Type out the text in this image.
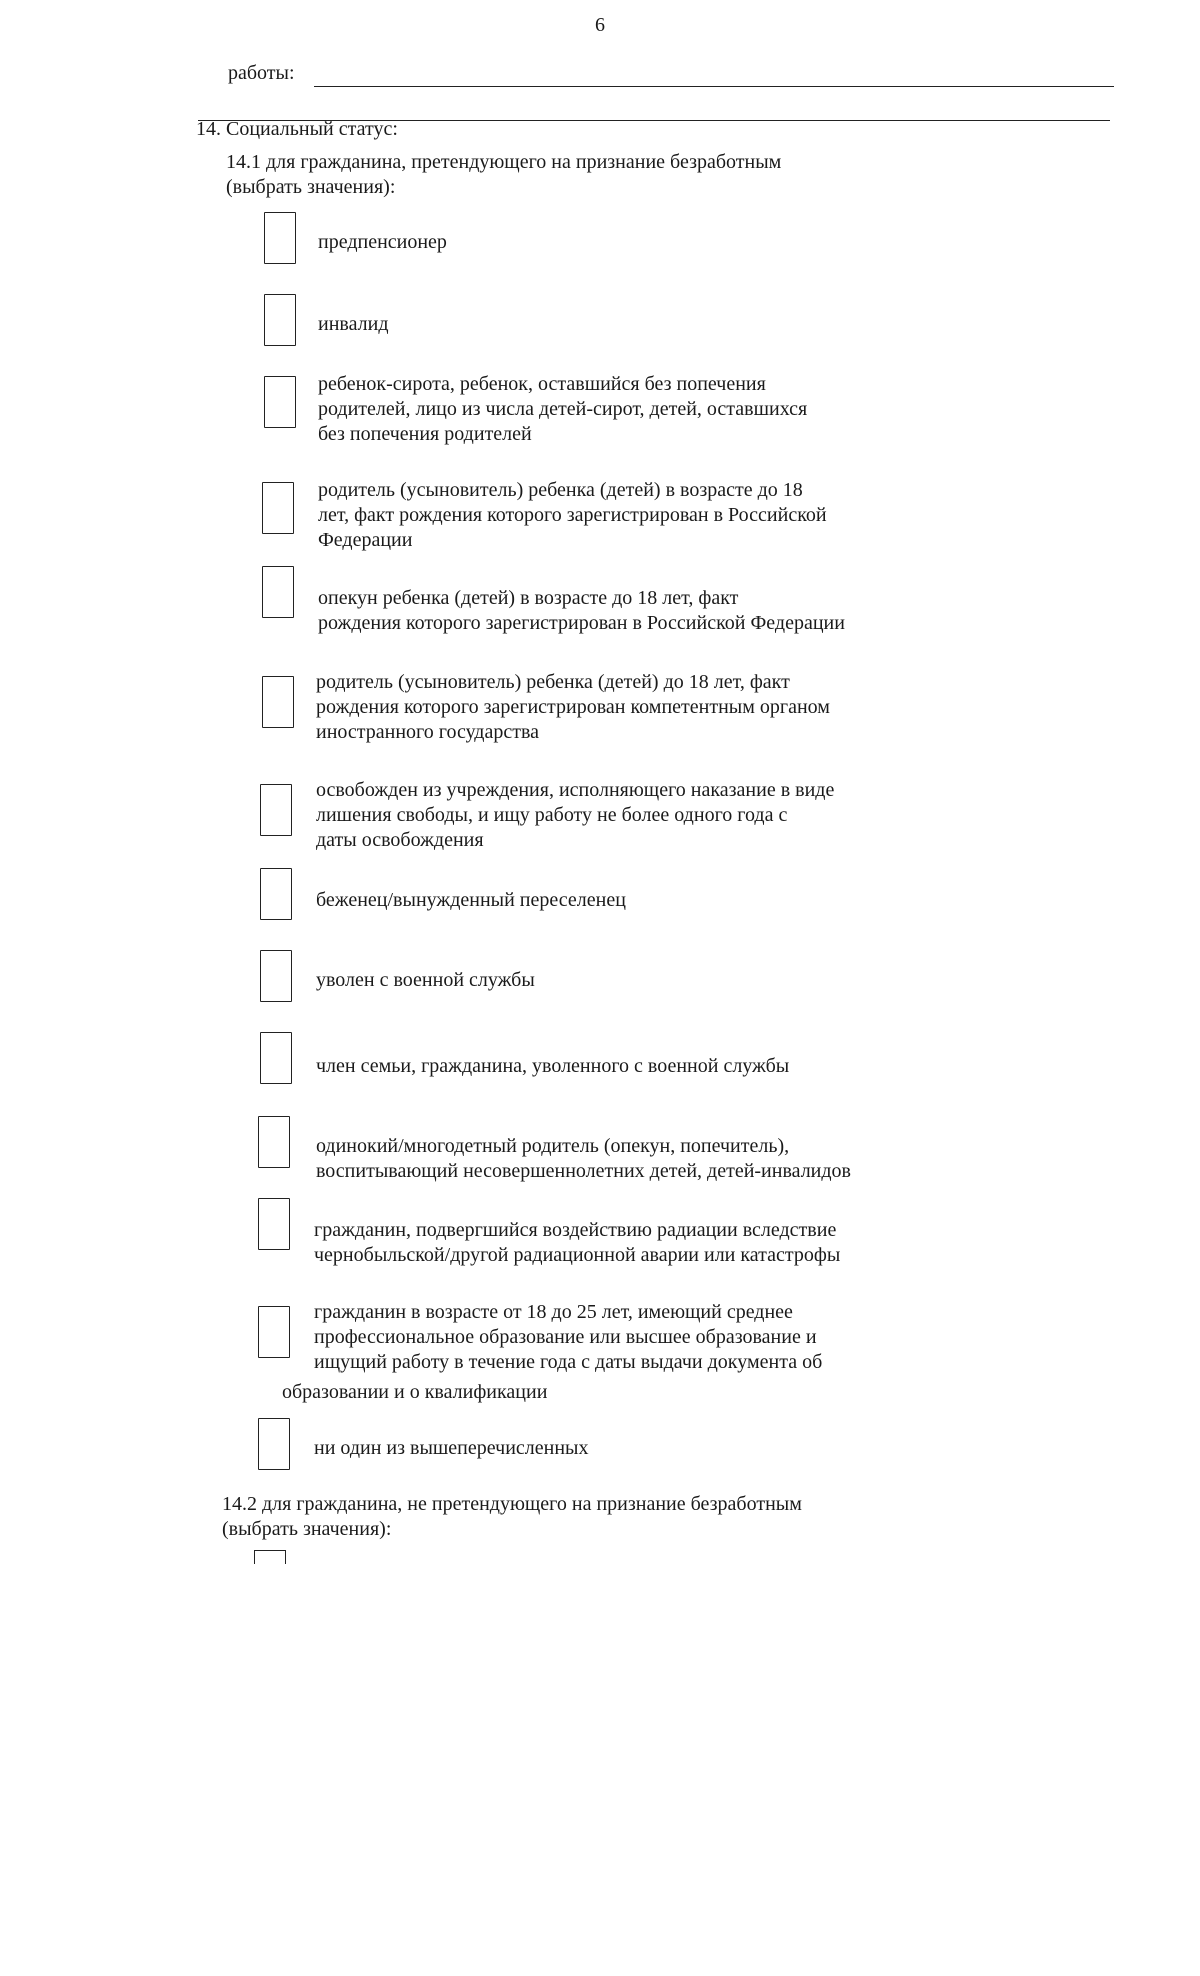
6
работы:
14. Социальный статус:
14.1 для гражданина, претендующего на признание безработным
(выбрать значения):
предпенсионер
инвалид
ребенок-сирота, ребенок, оставшийся без попечения
родителей, лицо из числа детей-сирот, детей, оставшихся
без попечения родителей
родитель (усыновитель) ребенка (детей) в возрасте до 18
лет, факт рождения которого зарегистрирован в Российской
Федерации
опекун ребенка (детей) в возрасте до 18 лет, факт
рождения которого зарегистрирован в Российской Федерации
родитель (усыновитель) ребенка (детей) до 18 лет, факт
рождения которого зарегистрирован компетентным органом
иностранного государства
освобожден из учреждения, исполняющего наказание в виде
лишения свободы, и ищу работу не более одного года с
даты освобождения
беженец/вынужденный переселенец
уволен с военной службы
член семьи, гражданина, уволенного с военной службы
одинокий/многодетный родитель (опекун, попечитель),
воспитывающий несовершеннолетних детей, детей-инвалидов
гражданин, подвергшийся воздействию радиации вследствие
чернобыльской/другой радиационной аварии или катастрофы
гражданин в возрасте от 18 до 25 лет, имеющий среднее
профессиональное образование или высшее образование и
ищущий работу в течение года с даты выдачи документа об
образовании и о квалификации
ни один из вышеперечисленных
14.2 для гражданина, не претендующего на признание безработным
(выбрать значения):
